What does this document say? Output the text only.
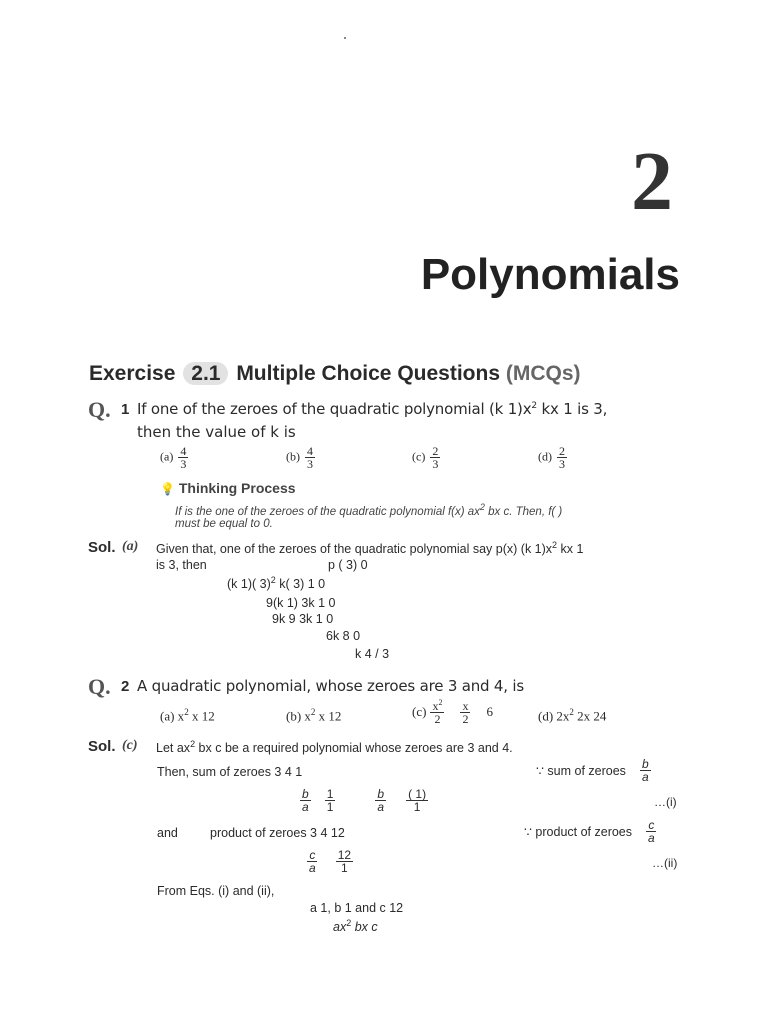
2
Polynomials
Exercise 2.1 Multiple Choice Questions (MCQs)
Q. 1 If one of the zeroes of the quadratic polynomial (k $1)x^2$ kx 1 is 3,
then the value of k is
$(a) \frac{4}{3}$	$(b) \frac{4}{3}$	$(c) \frac{2}{3}$	$(d) \frac{2}{3}$
💡 Thinking Process
If is the one of the zeroes of the quadratic polynomial f(x) $ax^2$ bx c. Then, f( )
must be equal to 0.
Sol. (a) Given that, one of the zeroes of the quadratic polynomial say p(x) (k $1)x^2$ kx 1
is 3, then	p ( 3) 0
(k 1)( 3)$^2$ k( 3) 1 0
9(k 1) 3k 1 0
9k 9 3k 1 0
6k 8 0
k 4 / 3
Q. 2 A quadratic polynomial, whose zeroes are 3 and 4, is
(a) $x^2$ x 12	(b) $x^2$ x 12	$(c) \frac{x^2}{2} \frac{x}{2} 6$	(d) $2x^2$ 2x 24
Sol. (c) Let $ax^2$ bx c be a required polynomial whose zeroes are 3 and 4.
Then, sum of zeroes 3 4 1	∵ sum of zeroes $\frac{b}{a}$
$\frac{b}{a} \frac{1}{1}$	$\frac{b}{a} \frac{( 1)}{1}$	…(i)
and	product of zeroes 3 4 12	∵ product of zeroes $\frac{c}{a}$
$\frac{c}{a} \frac{12}{1}$	…(ii)
From Eqs. (i) and (ii),
a 1, b 1 and c 12
$ax^2$ bx c
